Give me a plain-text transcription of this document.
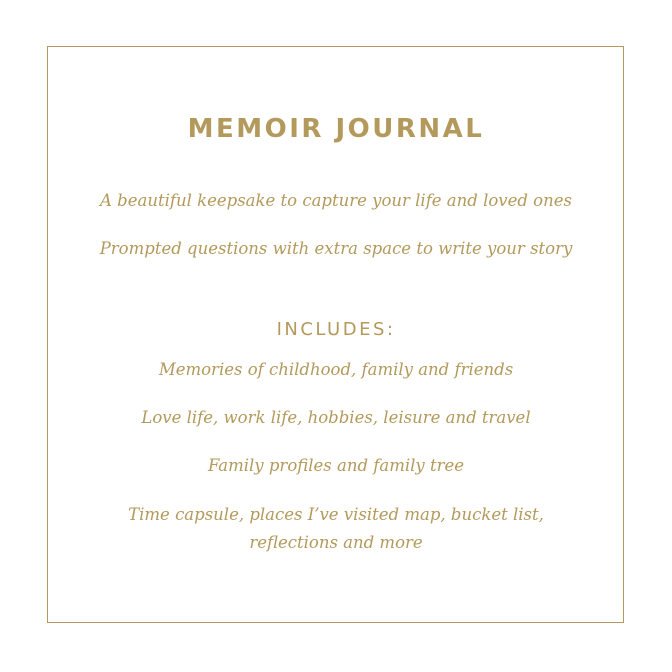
MEMOIR JOURNAL
A beautiful keepsake to capture your life and loved ones
Prompted questions with extra space to write your story
INCLUDES:
Memories of childhood, family and friends
Love life, work life, hobbies, leisure and travel
Family profiles and family tree
Time capsule, places I’ve visited map, bucket list,
reflections and more
